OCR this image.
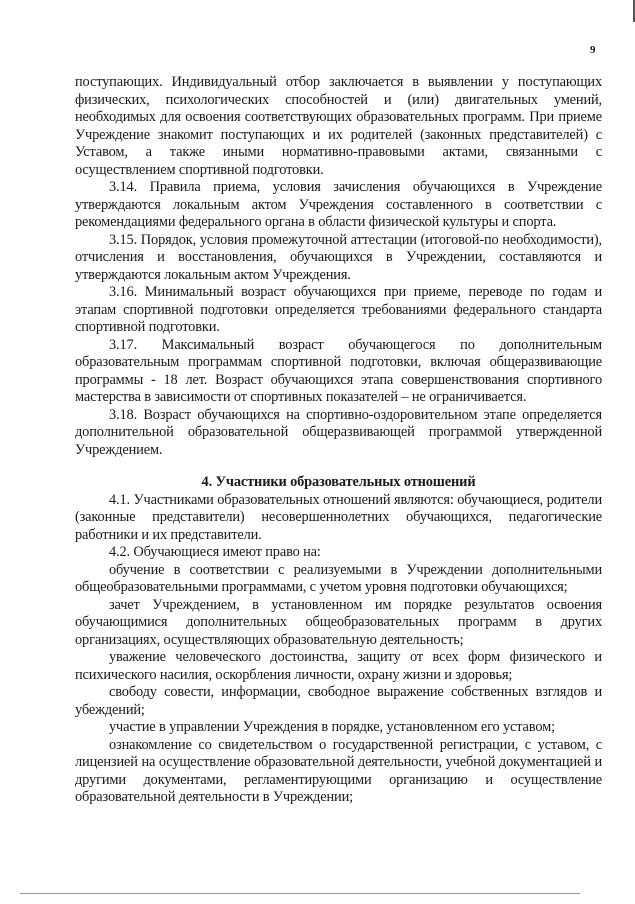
9

поступающих. Индивидуальный отбор заключается в выявлении у поступающих физических, психологических способностей и (или) двигательных умений, необходимых для освоения соответствующих образовательных программ. При приеме Учреждение знакомит поступающих и их родителей (законных представителей) с Уставом, а также иными нормативно-правовыми актами, связанными с осуществлением спортивной подготовки.

3.14. Правила приема, условия зачисления обучающихся в Учреждение утверждаются локальным актом Учреждения составленного в соответствии с рекомендациями федерального органа в области физической культуры и спорта.

3.15. Порядок, условия промежуточной аттестации (итоговой-по необходимости), отчисления и восстановления, обучающихся в Учреждении, составляются и утверждаются локальным актом Учреждения.

3.16. Минимальный возраст обучающихся при приеме, переводе по годам и этапам спортивной подготовки определяется требованиями федерального стандарта спортивной подготовки.

3.17. Максимальный возраст обучающегося по дополнительным образовательным программам спортивной подготовки, включая общеразвивающие программы - 18 лет. Возраст обучающихся этапа совершенствования спортивного мастерства в зависимости от спортивных показателей – не ограничивается.

3.18. Возраст обучающихся на спортивно-оздоровительном этапе определяется дополнительной образовательной общеразвивающей программой утвержденной Учреждением.

4. Участники образовательных отношений

4.1. Участниками образовательных отношений являются: обучающиеся, родители (законные представители) несовершеннолетних обучающихся, педагогические работники и их представители.

4.2. Обучающиеся имеют право на:

обучение в соответствии с реализуемыми в Учреждении дополнительными общеобразовательными программами, с учетом уровня подготовки обучающихся;

зачет Учреждением, в установленном им порядке результатов освоения обучающимися дополнительных общеобразовательных программ в других организациях, осуществляющих образовательную деятельность;

уважение человеческого достоинства, защиту от всех форм физического и психического насилия, оскорбления личности, охрану жизни и здоровья;

свободу совести, информации, свободное выражение собственных взглядов и убеждений;

участие в управлении Учреждения в порядке, установленном его уставом;

ознакомление со свидетельством о государственной регистрации, с уставом, с лицензией на осуществление образовательной деятельности, учебной документацией и другими документами, регламентирующими организацию и осуществление образовательной деятельности в Учреждении;
